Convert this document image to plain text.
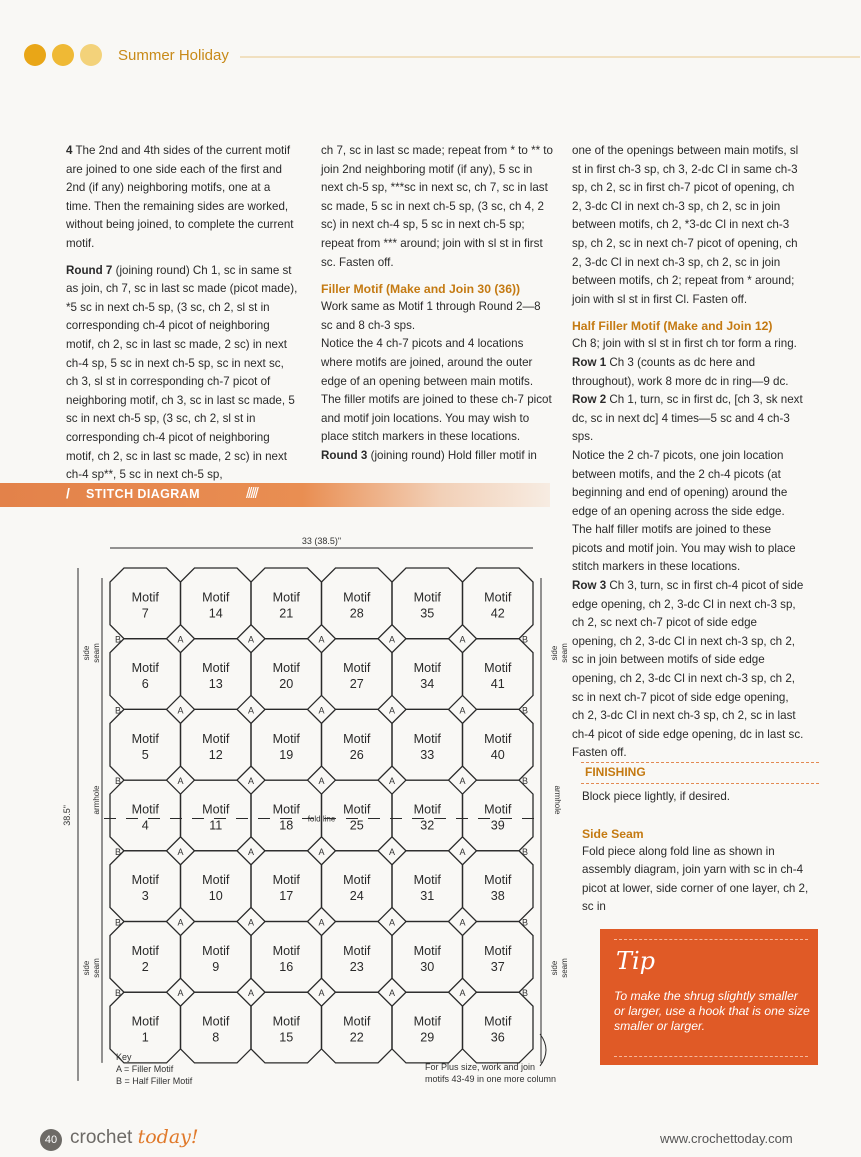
Summer Holiday

4 The 2nd and 4th sides of the current motif are joined to one side each of the first and 2nd (if any) neighboring motifs, one at a time. Then the remaining sides are worked, without being joined, to complete the current motif.

Round 7 (joining round) Ch 1, sc in same st as join, ch 7, sc in last sc made (picot made), *5 sc in next ch-5 sp, (3 sc, ch 2, sl st in corresponding ch-4 picot of neighboring motif, ch 2, sc in last sc made, 2 sc) in next ch-4 sp, 5 sc in next ch-5 sp, sc in next sc, ch 3, sl st in corresponding ch-7 picot of neighboring motif, ch 3, sc in last sc made, 5 sc in next ch-5 sp, (3 sc, ch 2, sl st in corresponding ch-4 picot of neighboring motif, ch 2, sc in last sc made, 2 sc) in next ch-4 sp**, 5 sc in next ch-5 sp,

ch 7, sc in last sc made; repeat from * to ** to join 2nd neighboring motif (if any), 5 sc in next ch-5 sp, ***sc in next sc, ch 7, sc in last sc made, 5 sc in next ch-5 sp, (3 sc, ch 4, 2 sc) in next ch-4 sp, 5 sc in next ch-5 sp; repeat from *** around; join with sl st in first sc. Fasten off.

Filler Motif (Make and Join 30 (36))

Work same as Motif 1 through Round 2—8 sc and 8 ch-3 sps.

Notice the 4 ch-7 picots and 4 locations where motifs are joined, around the outer edge of an opening between main motifs. The filler motifs are joined to these ch-7 picot and motif join locations. You may wish to place stitch markers in these locations.

Round 3 (joining round) Hold filler motif in

one of the openings between main motifs, sl st in first ch-3 sp, ch 3, 2-dc Cl in same ch-3 sp, ch 2, sc in first ch-7 picot of opening, ch 2, 3-dc Cl in next ch-3 sp, ch 2, sc in join between motifs, ch 2, *3-dc Cl in next ch-3 sp, ch 2, sc in next ch-7 picot of opening, ch 2, 3-dc Cl in next ch-3 sp, ch 2, sc in join between motifs, ch 2; repeat from * around; join with sl st in first Cl. Fasten off.

Half Filler Motif (Make and Join 12)

Ch 8; join with sl st in first ch tor form a ring.

Row 1 Ch 3 (counts as dc here and throughout), work 8 more dc in ring—9 dc.

Row 2 Ch 1, turn, sc in first dc, [ch 3, sk next dc, sc in next dc] 4 times—5 sc and 4 ch-3 sps.

Notice the 2 ch-7 picots, one join location between motifs, and the 2 ch-4 picots (at beginning and end of opening) around the edge of an opening across the side edge. The half filler motifs are joined to these picots and motif join. You may wish to place stitch markers in these locations.

Row 3 Ch 3, turn, sc in first ch-4 picot of side edge opening, ch 2, 3-dc Cl in next ch-3 sp, ch 2, sc next ch-7 picot of side edge opening, ch 2, 3-dc Cl in next ch-3 sp, ch 2, sc in join between motifs of side edge opening, ch 2, 3-dc Cl in next ch-3 sp, ch 2, sc in next ch-7 picot of side edge opening, ch 2, 3-dc Cl in next ch-3 sp, ch 2, sc in last ch-4 picot of side edge opening, dc in last sc. Fasten off.

FINISHING

Block piece lightly, if desired.

Side Seam

Fold piece along fold line as shown in assembly diagram, join yarn with sc in ch-4 picot at lower, side corner of one layer, ch 2, sc in

/ STITCH DIAGRAM	/////
Motif
7
Motif
14
Motif
21
Motif
28
Motif
35
Motif
42
Motif
6
Motif
13
Motif
20
Motif
27
Motif
34
Motif
41
Motif
5
Motif
12
Motif
19
Motif
26
Motif
33
Motif
40
Motif
4
Motif
11
Motif
18
Motif
25
Motif
32
Motif
39
Motif
3
Motif
10
Motif
17
Motif
24
Motif
31
Motif
38
Motif
2
Motif
9
Motif
16
Motif
23
Motif
30
Motif
37
Motif
1
Motif
8
Motif
15
Motif
22
Motif
29
Motif
36
A	A	A	A	A
B	B
A	A	A	A	A
B	B
A	A	A	A	A
B	B
A	A	A	A	A
B	B
A	A	A	A	A
B	B
A	A	A	A	A
B	B
fold line
33 (38.5)"
38.5"
side seam
side seam
side seam
side seam
armhole	armhole
Key
A = Filler Motif
B = Half Filler Motif
For Plus size, work and join
motifs 43-49 in one more column
Tip
To make the shrug slightly smaller or larger, use a hook that is one size smaller or larger.
40 crochet today!	www.crochettoday.com
